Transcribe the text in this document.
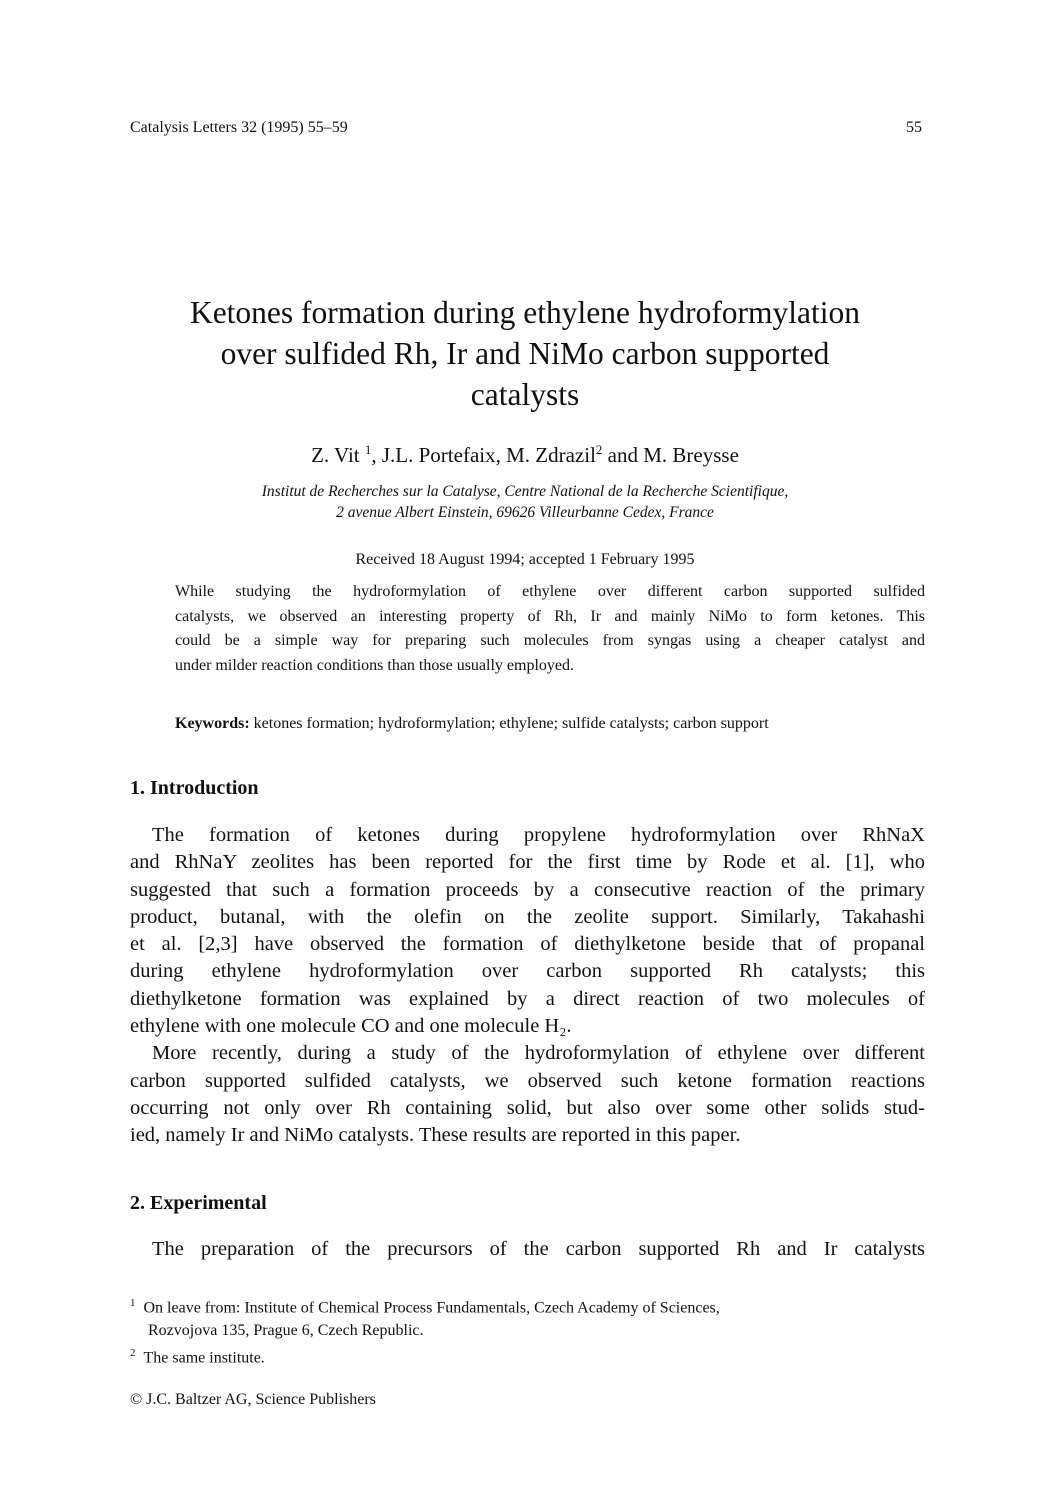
Catalysis Letters 32 (1995) 55–59	55
Ketones formation during ethylene hydroformylation
over sulfided Rh, Ir and NiMo carbon supported
catalysts
Z. Vit $^1$, J.L. Portefaix, M. Zdrazil$^2$ and M. Breysse
Institut de Recherches sur la Catalyse, Centre National de la Recherche Scientifique,
2 avenue Albert Einstein, 69626 Villeurbanne Cedex, France
Received 18 August 1994; accepted 1 February 1995
While studying the hydroformylation of ethylene over different carbon supported sulfided
catalysts, we observed an interesting property of Rh, Ir and mainly NiMo to form ketones. This
could be a simple way for preparing such molecules from syngas using a cheaper catalyst and
under milder reaction conditions than those usually employed.
Keywords: ketones formation; hydroformylation; ethylene; sulfide catalysts; carbon support
1. Introduction
The formation of ketones during propylene hydroformylation over RhNaX
and RhNaY zeolites has been reported for the first time by Rode et al. [1], who
suggested that such a formation proceeds by a consecutive reaction of the primary
product, butanal, with the olefin on the zeolite support. Similarly, Takahashi
et al. [2,3] have observed the formation of diethylketone beside that of propanal
during ethylene hydroformylation over carbon supported Rh catalysts; this
diethylketone formation was explained by a direct reaction of two molecules of
ethylene with one molecule CO and one molecule H₂.
More recently, during a study of the hydroformylation of ethylene over different
carbon supported sulfided catalysts, we observed such ketone formation reactions
occurring not only over Rh containing solid, but also over some other solids stud-
ied, namely Ir and NiMo catalysts. These results are reported in this paper.
2. Experimental
The preparation of the precursors of the carbon supported Rh and Ir catalysts
$^1$ On leave from: Institute of Chemical Process Fundamentals, Czech Academy of Sciences,
Rozvojova 135, Prague 6, Czech Republic.
$^2$ The same institute.
© J.C. Baltzer AG, Science Publishers
